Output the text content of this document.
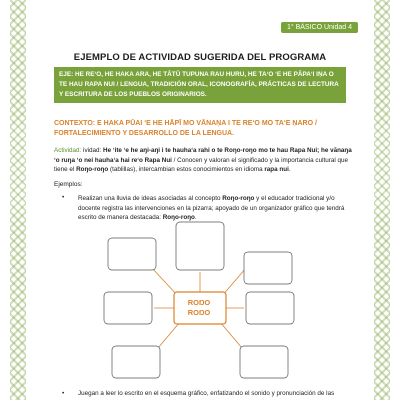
1° BÁSICO Unidad 4
EJEMPLO DE ACTIVIDAD SUGERIDA DEL PROGRAMA
EJE: HE REʻO, HE HAKA ARA, HE TĀTŪ TUPUNA RAU HURU, HE TAʻO ʻE HE PĀPAʻI IṆA O TE HAU RAPA NUI / LENGUA, TRADICIÓN ORAL, ICONOGRAFÍA, PRÁCTICAS DE LECTURA Y ESCRITURA DE LOS PUEBLOS ORIGINARIOS.
CONTEXTO: E HAKA PŪAI ʻE HE HĀPĪ MO VĀNAṆA I TE REʻO MO TAʻE ṆARO / FORTALECIMIENTO Y DESARROLLO DE LA LENGUA.
Actividad: ividad: He ʻite ʻe he aŋi-aŋi i te hauhaʻa rahi o te Roŋo-roŋo mo te hau Rapa Nui; he vānaŋa ʻo ruŋa ʻo nei hauhaʻa hai reʻo Rapa Nui / Conocen y valoran el significado y la importancia cultural que tiene el Roŋo-roŋo (tablillas), intercambian estos conocimientos en idioma rapa nui.
Ejemplos:
• Realizan una lluvia de ideas asociadas al concepto Roŋo-roŋo y el educador tradicional y/o docente registra las intervenciones en la pizarra; apoyado de un organizador gráfico que tendrá escrito de manera destacada: Roŋo-roŋo.
ROŊO
ROŊO
• Juegan a leer lo escrito en el esquema gráfico, enfatizando el sonido y pronunciación de las
